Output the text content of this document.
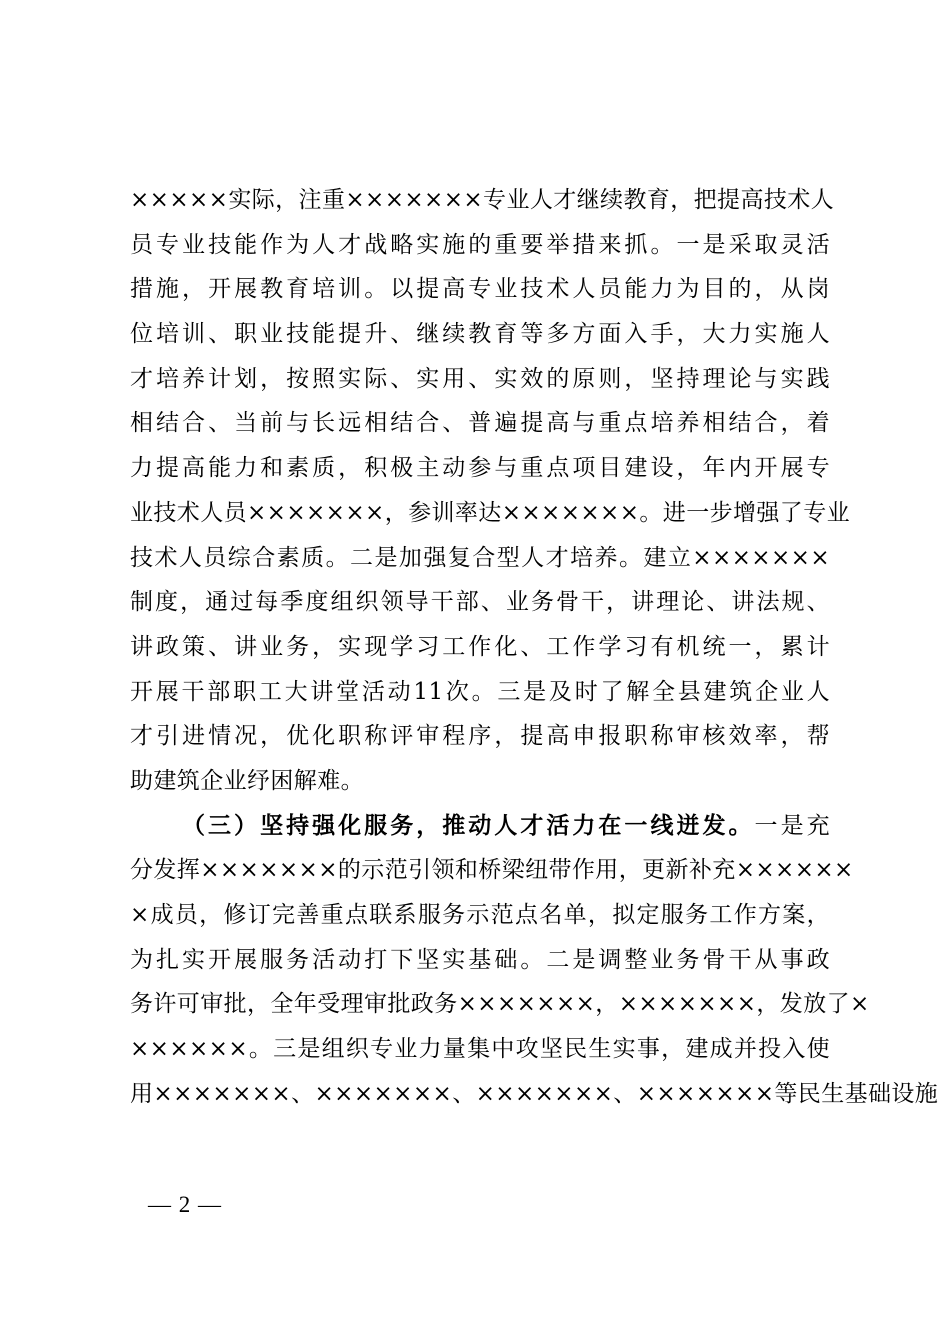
×××××实际，注重×××××××专业人才继续教育，把提高技术人
员专业技能作为人才战略实施的重要举措来抓。一是采取灵活
措施，开展教育培训。以提高专业技术人员能力为目的，从岗
位培训、职业技能提升、继续教育等多方面入手，大力实施人
才培养计划，按照实际、实用、实效的原则，坚持理论与实践
相结合、当前与长远相结合、普遍提高与重点培养相结合，着
力提高能力和素质，积极主动参与重点项目建设，年内开展专
业技术人员×××××××，参训率达×××××××。进一步增强了专业
技术人员综合素质。二是加强复合型人才培养。建立×××××××
制度，通过每季度组织领导干部、业务骨干，讲理论、讲法规、
讲政策、讲业务，实现学习工作化、工作学习有机统一，累计
开展干部职工大讲堂活动11次。三是及时了解全县建筑企业人
才引进情况，优化职称评审程序，提高申报职称审核效率，帮
助建筑企业纾困解难。
（三）坚持强化服务，推动人才活力在一线迸发。一是充
分发挥×××××××的示范引领和桥梁纽带作用，更新补充××××××
×成员，修订完善重点联系服务示范点名单，拟定服务工作方案，
为扎实开展服务活动打下坚实基础。二是调整业务骨干从事政
务许可审批，全年受理审批政务×××××××，×××××××，发放了×
××××××。三是组织专业力量集中攻坚民生实事，建成并投入使
用×××××××、×××××××、×××××××、×××××××等民生基础设施
— 2 —
